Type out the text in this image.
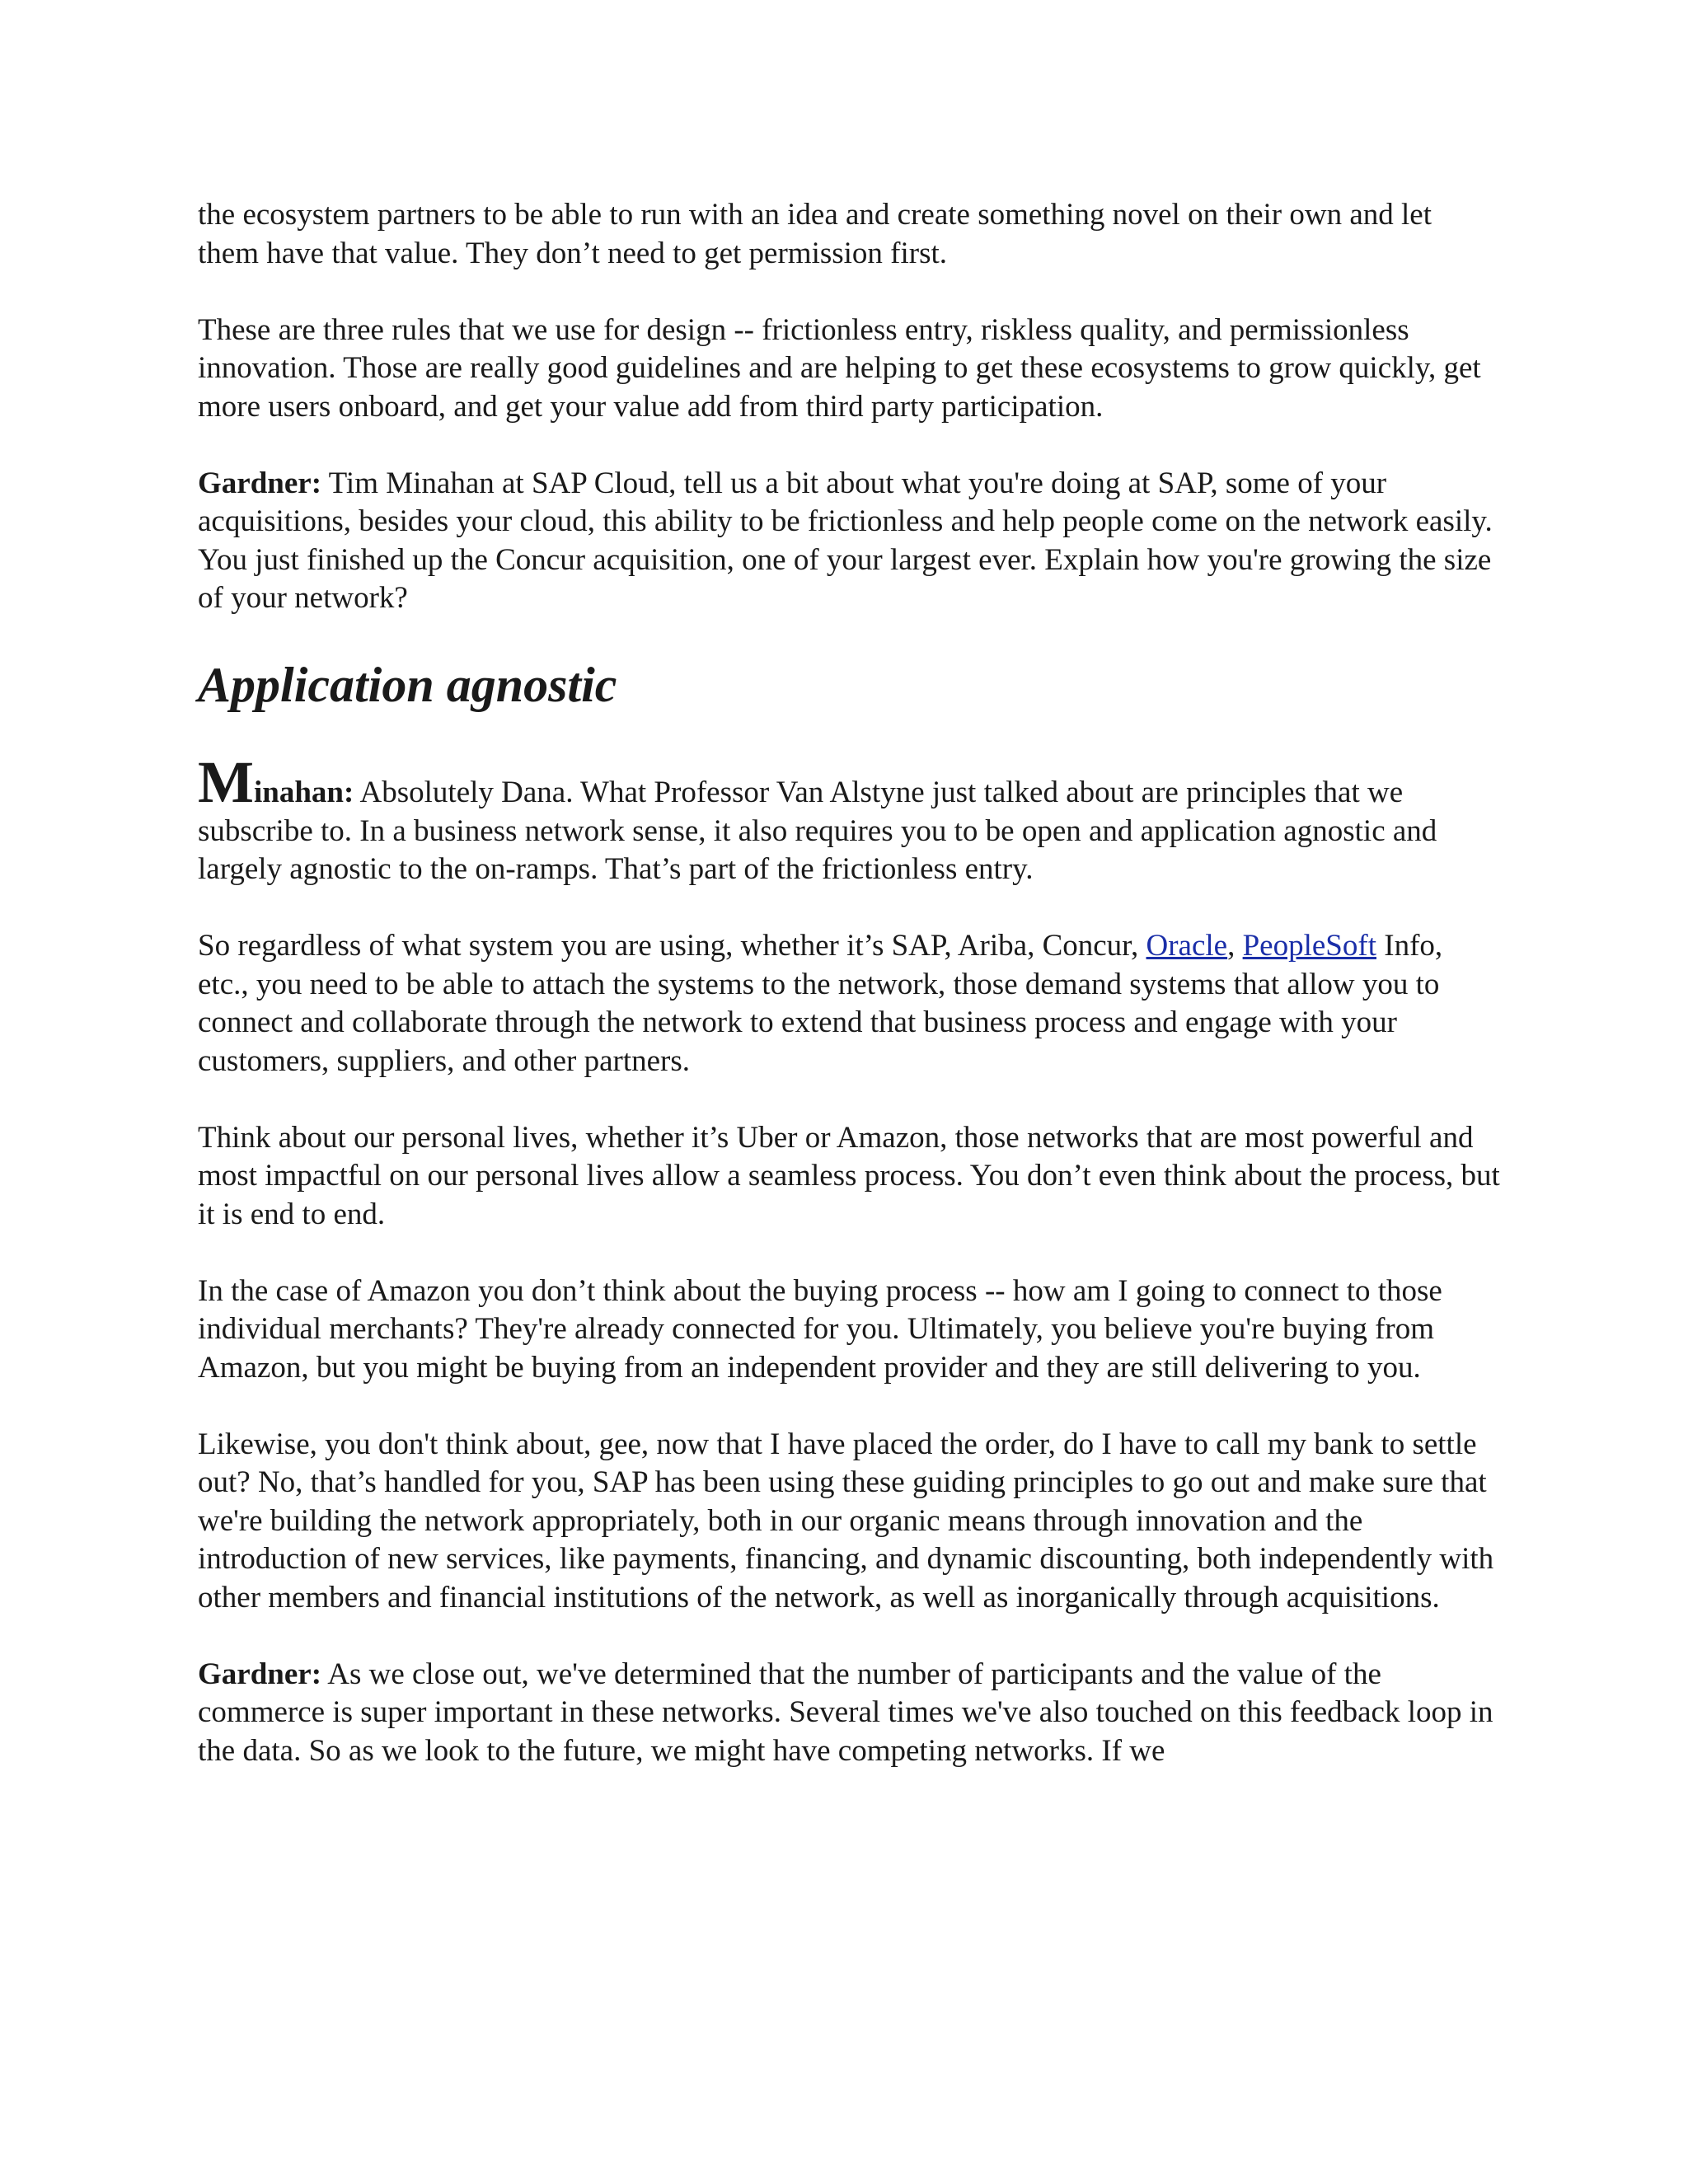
the ecosystem partners to be able to run with an idea and create something novel on their own and let them have that value. They don’t need to get permission first.

These are three rules that we use for design -- frictionless entry, riskless quality, and permissionless innovation. Those are really good guidelines and are helping to get these ecosystems to grow quickly, get more users onboard, and get your value add from third party participation.

Gardner: Tim Minahan at SAP Cloud, tell us a bit about what you're doing at SAP, some of your acquisitions, besides your cloud, this ability to be frictionless and help people come on the network easily. You just finished up the Concur acquisition, one of your largest ever. Explain how you're growing the size of your network?

Application agnostic

Minahan: Absolutely Dana. What Professor Van Alstyne just talked about are principles that we subscribe to. In a business network sense, it also requires you to be open and application agnostic and largely agnostic to the on-ramps. That’s part of the frictionless entry.

So regardless of what system you are using, whether it’s SAP, Ariba, Concur, Oracle, PeopleSoft Info, etc., you need to be able to attach the systems to the network, those demand systems that allow you to connect and collaborate through the network to extend that business process and engage with your customers, suppliers, and other partners.

Think about our personal lives, whether it’s Uber or Amazon, those networks that are most powerful and most impactful on our personal lives allow a seamless process. You don’t even think about the process, but it is end to end.

In the case of Amazon you don’t think about the buying process -- how am I going to connect to those individual merchants? They're already connected for you. Ultimately, you believe you're buying from Amazon, but you might be buying from an independent provider and they are still delivering to you.

Likewise, you don't think about, gee, now that I have placed the order, do I have to call my bank to settle out? No, that’s handled for you, SAP has been using these guiding principles to go out and make sure that we're building the network appropriately, both in our organic means through innovation and the introduction of new services, like payments, financing, and dynamic discounting, both independently with other members and financial institutions of the network, as well as inorganically through acquisitions.

Gardner: As we close out, we've determined that the number of participants and the value of the commerce is super important in these networks. Several times we've also touched on this feedback loop in the data. So as we look to the future, we might have competing networks. If we
